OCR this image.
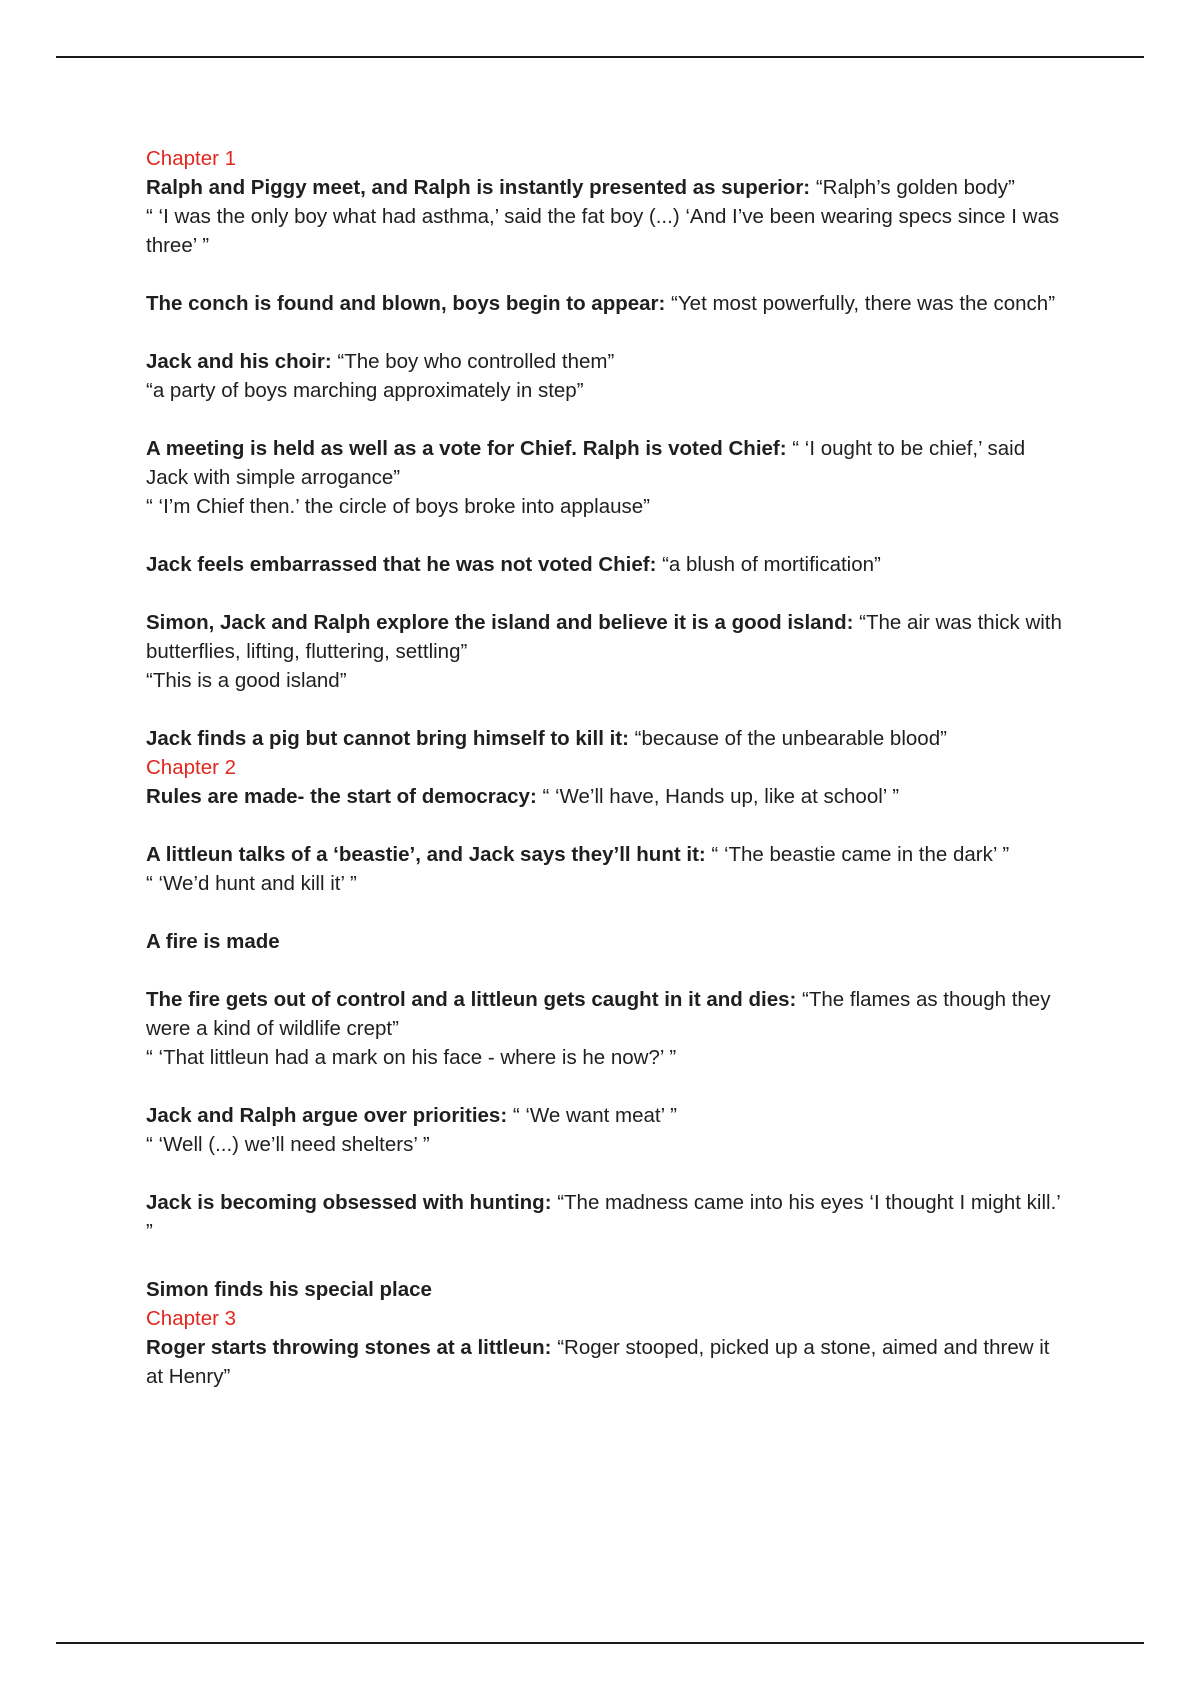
Chapter 1

Ralph and Piggy meet, and Ralph is instantly presented as superior: “Ralph’s golden body”

“ ‘I was the only boy what had asthma,’ said the fat boy (...) ‘And I’ve been wearing specs since I was three’ ”

The conch is found and blown, boys begin to appear: “Yet most powerfully, there was the conch”

Jack and his choir: “The boy who controlled them”

“a party of boys marching approximately in step”

A meeting is held as well as a vote for Chief. Ralph is voted Chief: “ ‘I ought to be chief,’ said Jack with simple arrogance”

“ ‘I’m Chief then.’ the circle of boys broke into applause”

Jack feels embarrassed that he was not voted Chief: “a blush of mortification”

Simon, Jack and Ralph explore the island and believe it is a good island: “The air was thick with butterflies, lifting, fluttering, settling”

“This is a good island”

Jack finds a pig but cannot bring himself to kill it: “because of the unbearable blood”

Chapter 2

Rules are made- the start of democracy: “ ‘We’ll have, Hands up, like at school’ ”

A littleun talks of a ‘beastie’, and Jack says they’ll hunt it: “ ‘The beastie came in the dark’ ”

“ ‘We’d hunt and kill it’ ”

A fire is made

The fire gets out of control and a littleun gets caught in it and dies: “The flames as though they were a kind of wildlife crept”

“ ‘That littleun had a mark on his face - where is he now?’ ”

Jack and Ralph argue over priorities: “ ‘We want meat’ ”

“ ‘Well (...) we’ll need shelters’ ”

Jack is becoming obsessed with hunting: “The madness came into his eyes ‘I thought I might kill.’ ”

Simon finds his special place

Chapter 3

Roger starts throwing stones at a littleun: “Roger stooped, picked up a stone, aimed and threw it at Henry”
